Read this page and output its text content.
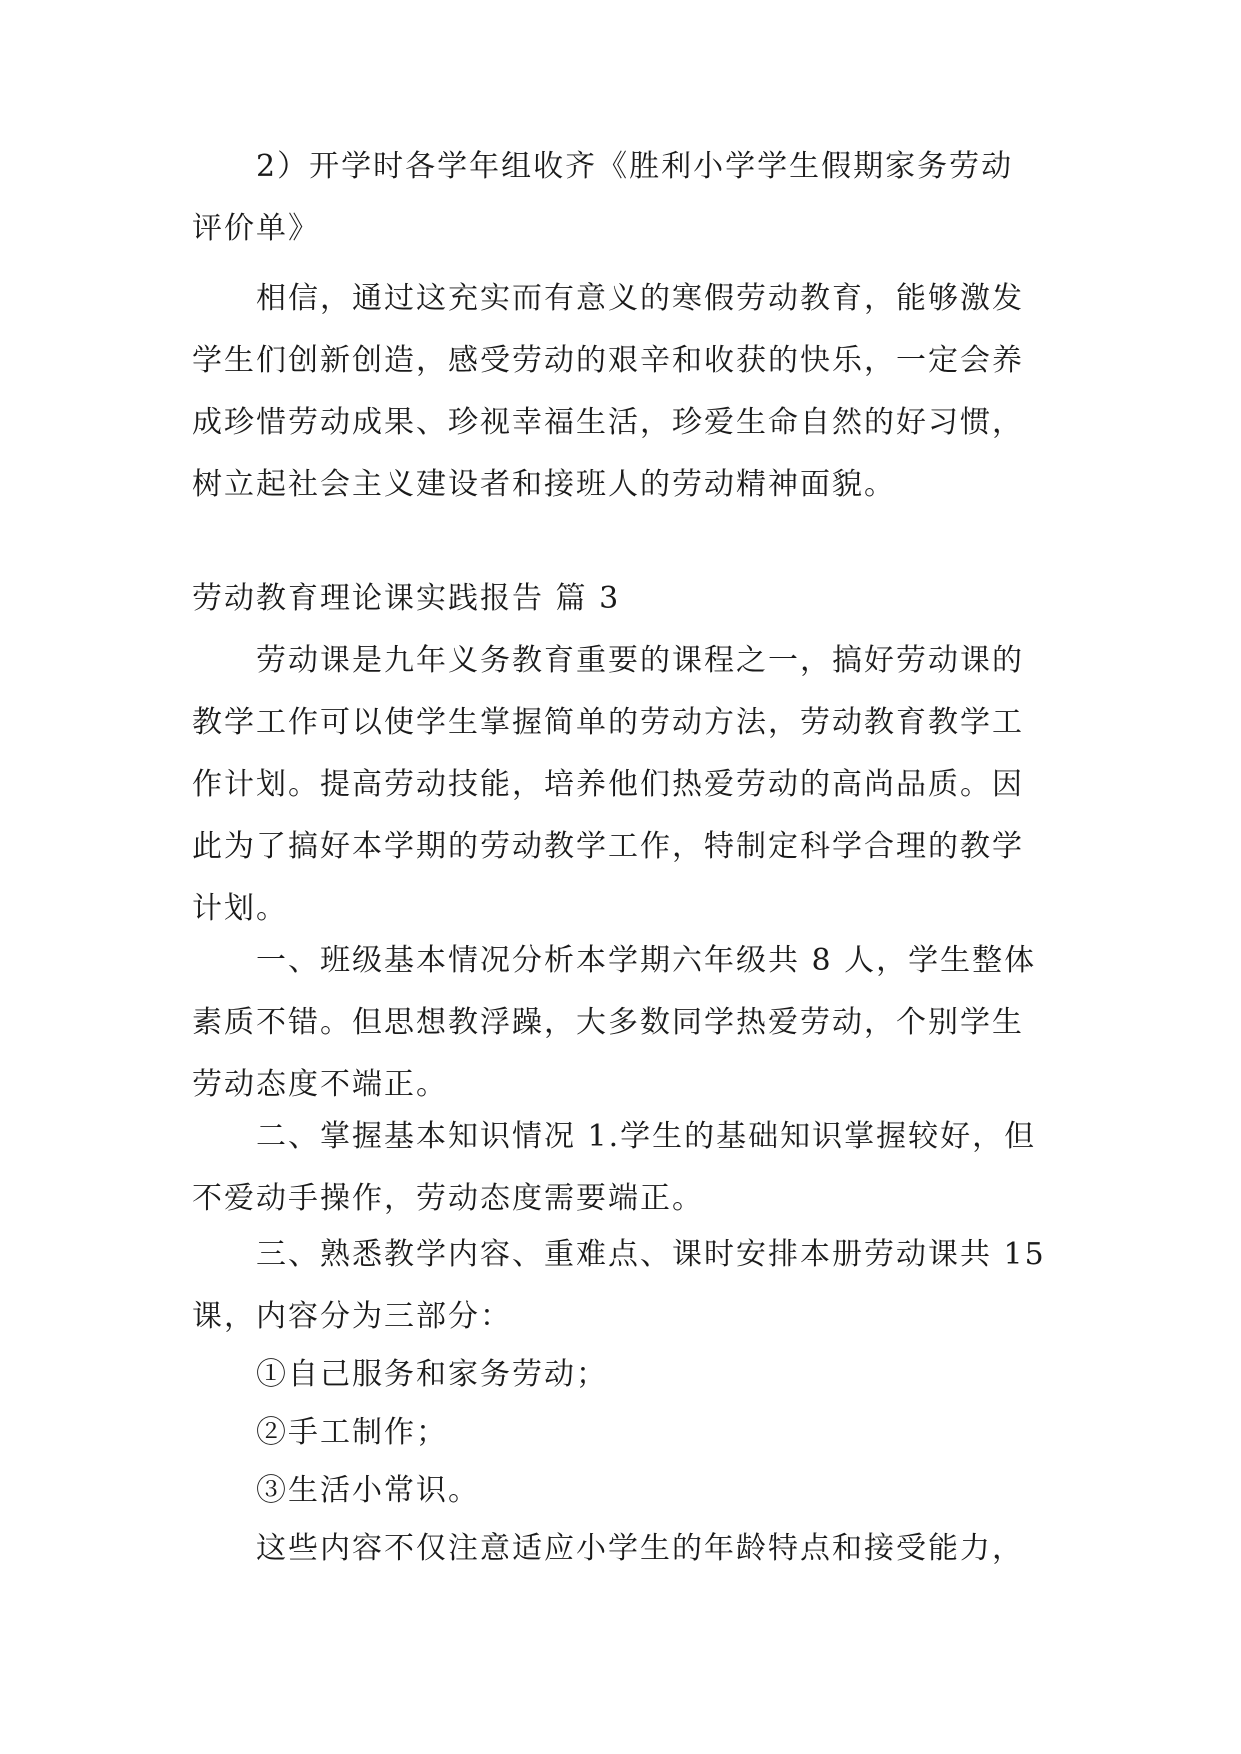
2）开学时各学年组收齐《胜利小学学生假期家务劳动
评价单》
相信，通过这充实而有意义的寒假劳动教育，能够激发
学生们创新创造，感受劳动的艰辛和收获的快乐，一定会养
成珍惜劳动成果、珍视幸福生活，珍爱生命自然的好习惯，
树立起社会主义建设者和接班人的劳动精神面貌。
劳动教育理论课实践报告 篇 3
劳动课是九年义务教育重要的课程之一，搞好劳动课的
教学工作可以使学生掌握简单的劳动方法，劳动教育教学工
作计划。提高劳动技能，培养他们热爱劳动的高尚品质。因
此为了搞好本学期的劳动教学工作，特制定科学合理的教学
计划。
一、班级基本情况分析本学期六年级共 8 人，学生整体
素质不错。但思想教浮躁，大多数同学热爱劳动，个别学生
劳动态度不端正。
二、掌握基本知识情况 1.学生的基础知识掌握较好，但
不爱动手操作，劳动态度需要端正。
三、熟悉教学内容、重难点、课时安排本册劳动课共 15
课，内容分为三部分：
①自己服务和家务劳动；
②手工制作；
③生活小常识。
这些内容不仅注意适应小学生的年龄特点和接受能力，
